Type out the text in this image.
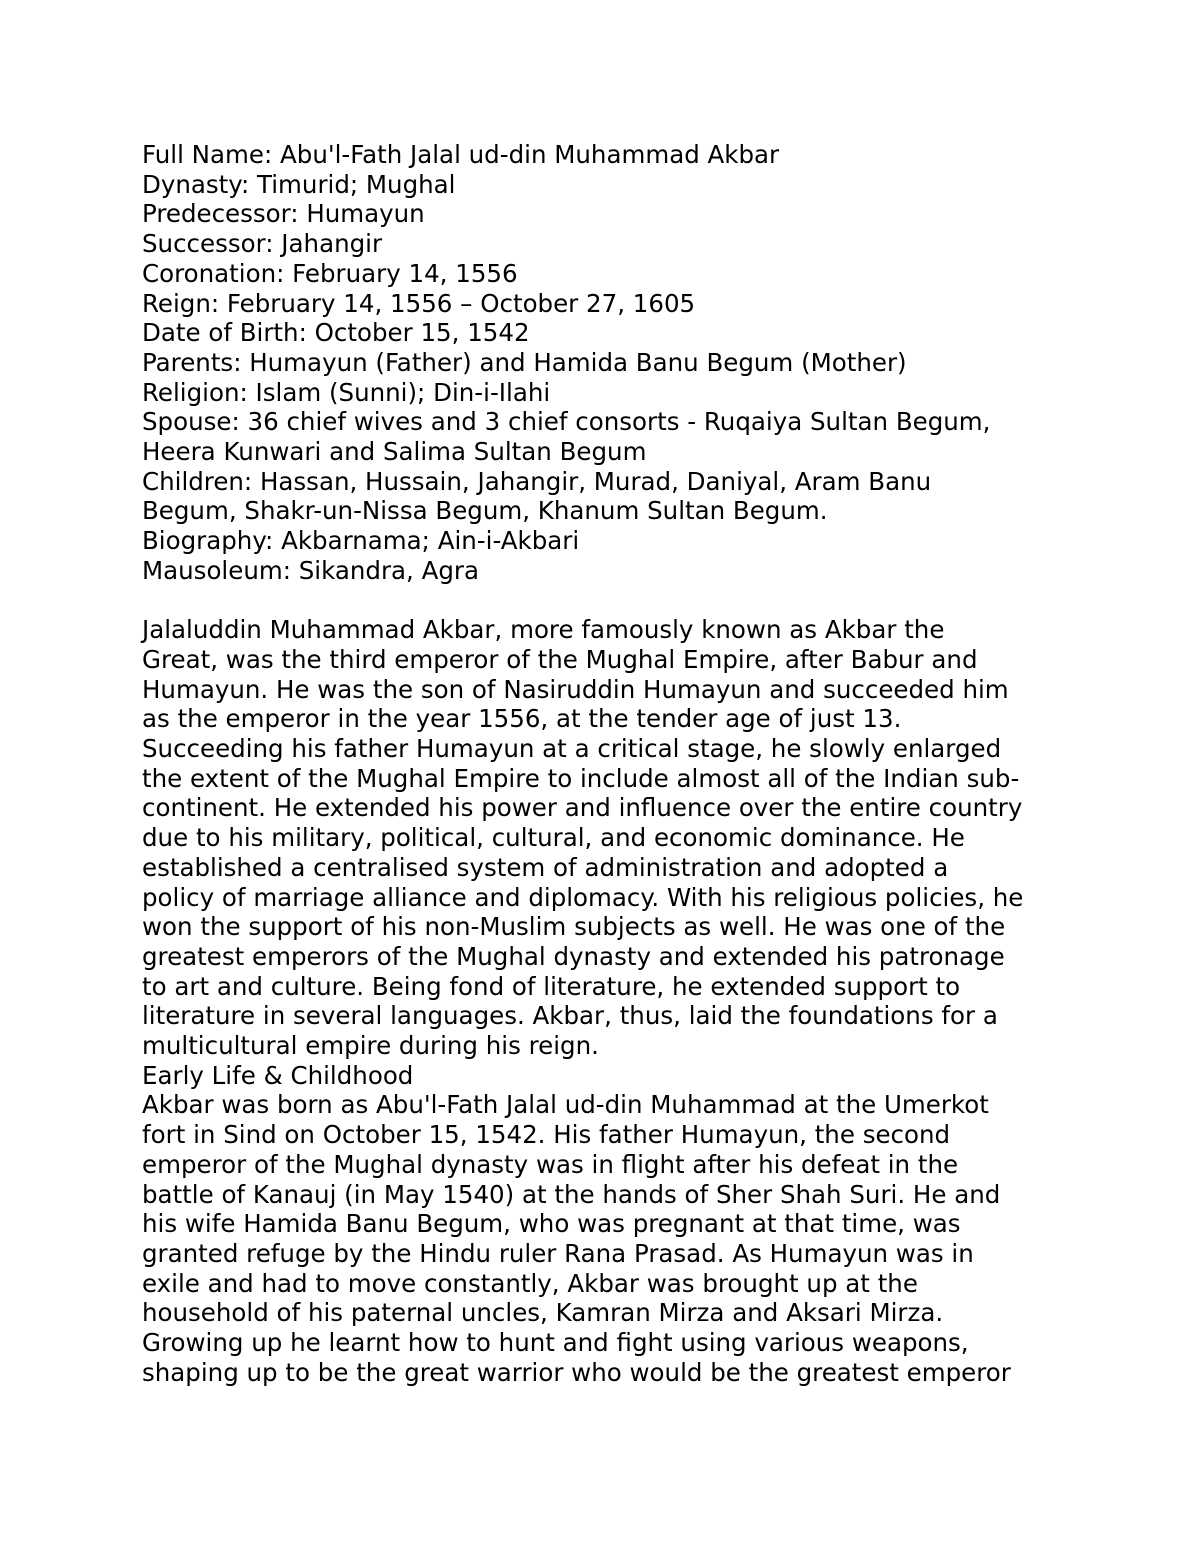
Full Name: Abu'l-Fath Jalal ud-din Muhammad Akbar
Dynasty: Timurid; Mughal
Predecessor: Humayun
Successor: Jahangir
Coronation: February 14, 1556
Reign: February 14, 1556 – October 27, 1605
Date of Birth: October 15, 1542
Parents: Humayun (Father) and Hamida Banu Begum (Mother)
Religion: Islam (Sunni); Din-i-Ilahi
Spouse: 36 chief wives and 3 chief consorts - Ruqaiya Sultan Begum,
Heera Kunwari and Salima Sultan Begum
Children: Hassan, Hussain, Jahangir, Murad, Daniyal, Aram Banu
Begum, Shakr-un-Nissa Begum, Khanum Sultan Begum.
Biography: Akbarnama; Ain-i-Akbari
Mausoleum: Sikandra, Agra
Jalaluddin Muhammad Akbar, more famously known as Akbar the
Great, was the third emperor of the Mughal Empire, after Babur and
Humayun. He was the son of Nasiruddin Humayun and succeeded him
as the emperor in the year 1556, at the tender age of just 13.
Succeeding his father Humayun at a critical stage, he slowly enlarged
the extent of the Mughal Empire to include almost all of the Indian sub-
continent. He extended his power and influence over the entire country
due to his military, political, cultural, and economic dominance. He
established a centralised system of administration and adopted a
policy of marriage alliance and diplomacy. With his religious policies, he
won the support of his non-Muslim subjects as well. He was one of the
greatest emperors of the Mughal dynasty and extended his patronage
to art and culture. Being fond of literature, he extended support to
literature in several languages. Akbar, thus, laid the foundations for a
multicultural empire during his reign.
Early Life & Childhood
Akbar was born as Abu'l-Fath Jalal ud-din Muhammad at the Umerkot
fort in Sind on October 15, 1542. His father Humayun, the second
emperor of the Mughal dynasty was in flight after his defeat in the
battle of Kanauj (in May 1540) at the hands of Sher Shah Suri. He and
his wife Hamida Banu Begum, who was pregnant at that time, was
granted refuge by the Hindu ruler Rana Prasad. As Humayun was in
exile and had to move constantly, Akbar was brought up at the
household of his paternal uncles, Kamran Mirza and Aksari Mirza.
Growing up he learnt how to hunt and fight using various weapons,
shaping up to be the great warrior who would be the greatest emperor
